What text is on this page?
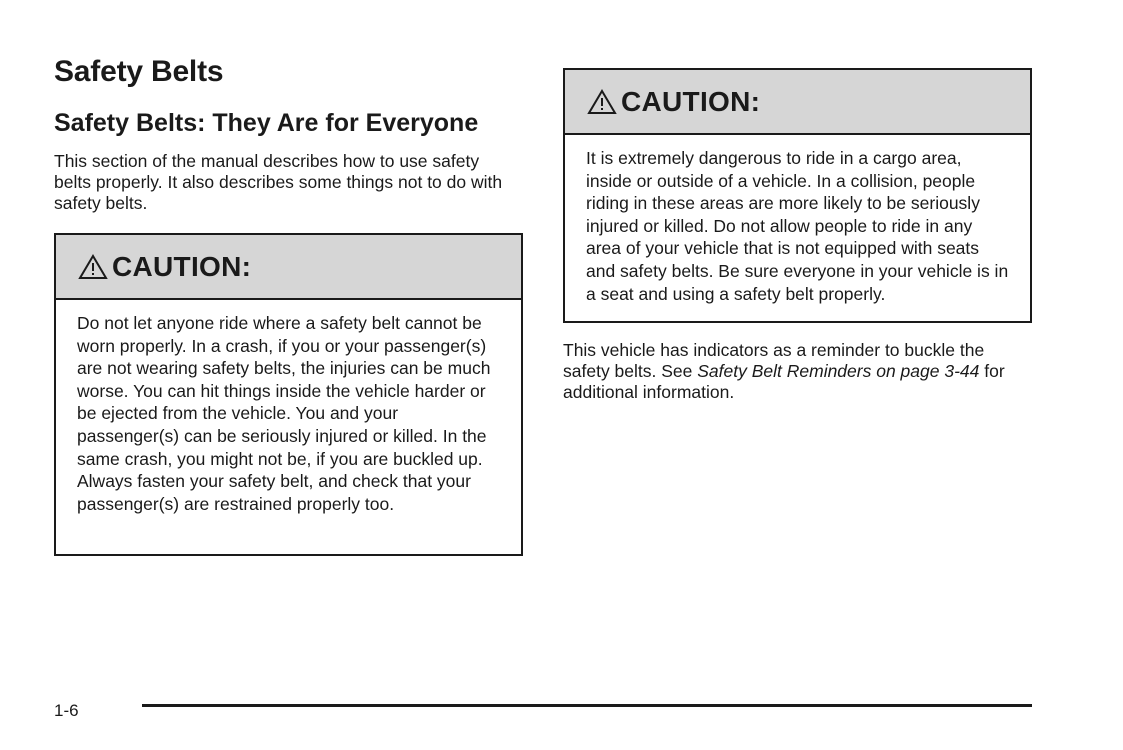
Safety Belts
Safety Belts: They Are for Everyone

This section of the manual describes how to use safety belts properly. It also describes some things not to do with safety belts.

CAUTION:

Do not let anyone ride where a safety belt cannot be worn properly. In a crash, if you or your passenger(s) are not wearing safety belts, the injuries can be much worse. You can hit things inside the vehicle harder or be ejected from the vehicle. You and your passenger(s) can be seriously injured or killed. In the same crash, you might not be, if you are buckled up. Always fasten your safety belt, and check that your passenger(s) are restrained properly too.

CAUTION:

It is extremely dangerous to ride in a cargo area, inside or outside of a vehicle. In a collision, people riding in these areas are more likely to be seriously injured or killed. Do not allow people to ride in any area of your vehicle that is not equipped with seats and safety belts. Be sure everyone in your vehicle is in a seat and using a safety belt properly.

This vehicle has indicators as a reminder to buckle the safety belts. See Safety Belt Reminders on page 3-44 for additional information.

1-6
